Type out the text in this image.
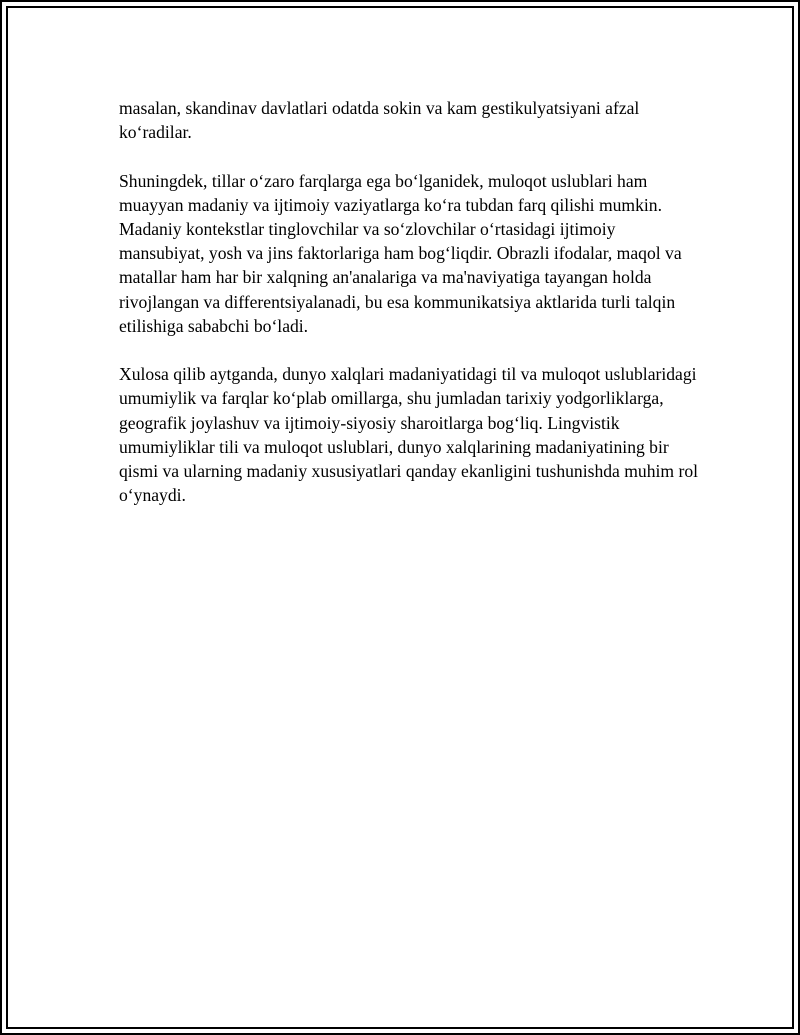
masalan, skandinav davlatlari odatda sokin va kam gestikulyatsiyani afzal ko‘radilar.

Shuningdek, tillar o‘zaro farqlarga ega bo‘lganidek, muloqot uslublari ham muayyan madaniy va ijtimoiy vaziyatlarga ko‘ra tubdan farq qilishi mumkin. Madaniy kontekstlar tinglovchilar va so‘zlovchilar o‘rtasidagi ijtimoiy mansubiyat, yosh va jins faktorlariga ham bog‘liqdir. Obrazli ifodalar, maqol va matallar ham har bir xalqning an'analariga va ma'naviyatiga tayangan holda rivojlangan va differentsiyalanadi, bu esa kommunikatsiya aktlarida turli talqin etilishiga sababchi bo‘ladi.

Xulosa qilib aytganda, dunyo xalqlari madaniyatidagi til va muloqot uslublaridagi umumiylik va farqlar ko‘plab omillarga, shu jumladan tarixiy yodgorliklarga, geografik joylashuv va ijtimoiy-siyosiy sharoitlarga bog‘liq. Lingvistik umumiyliklar tili va muloqot uslublari, dunyo xalqlarining madaniyatining bir qismi va ularning madaniy xususiyatlari qanday ekanligini tushunishda muhim rol o‘ynaydi.
